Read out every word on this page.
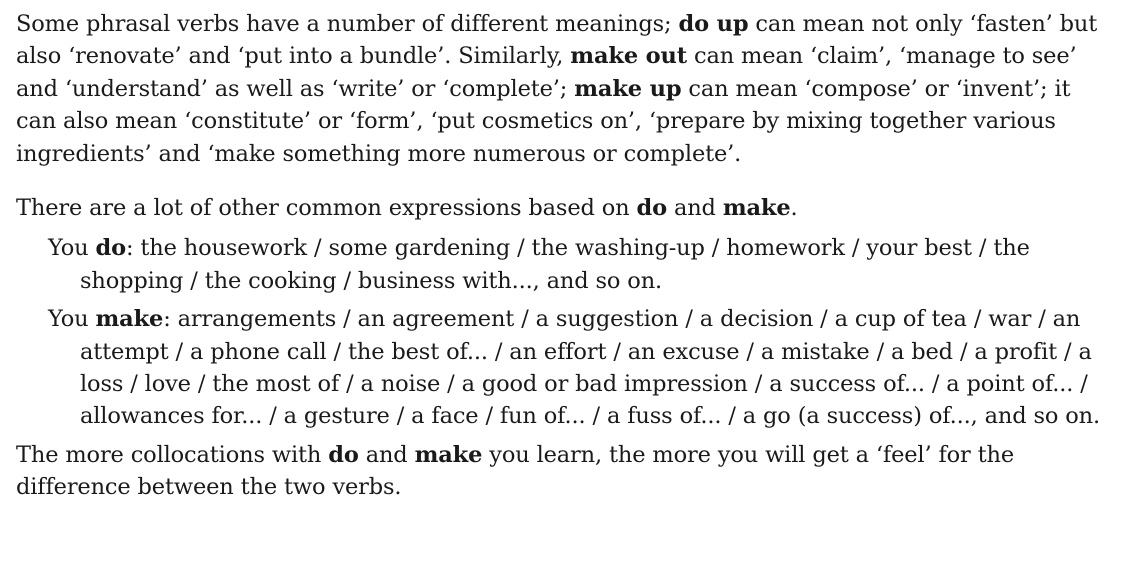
Some phrasal verbs have a number of different meanings; do up can mean not only ‘fasten’ but also ‘renovate’ and ‘put into a bundle’. Similarly, make out can mean ‘claim’, ‘manage to see’ and ‘understand’ as well as ‘write’ or ‘complete’; make up can mean ‘compose’ or ‘invent’; it can also mean ‘constitute’ or ‘form’, ‘put cosmetics on’, ‘prepare by mixing together various ingredients’ and ‘make something more numerous or complete’.

There are a lot of other common expressions based on do and make.

You do: the housework / some gardening / the washing-up / homework / your best / the shopping / the cooking / business with..., and so on.

You make: arrangements / an agreement / a suggestion / a decision / a cup of tea / war / an attempt / a phone call / the best of... / an effort / an excuse / a mistake / a bed / a profit / a loss / love / the most of / a noise / a good or bad impression / a success of... / a point of... / allowances for... / a gesture / a face / fun of... / a fuss of... / a go (a success) of..., and so on.

The more collocations with do and make you learn, the more you will get a ‘feel’ for the difference between the two verbs.
